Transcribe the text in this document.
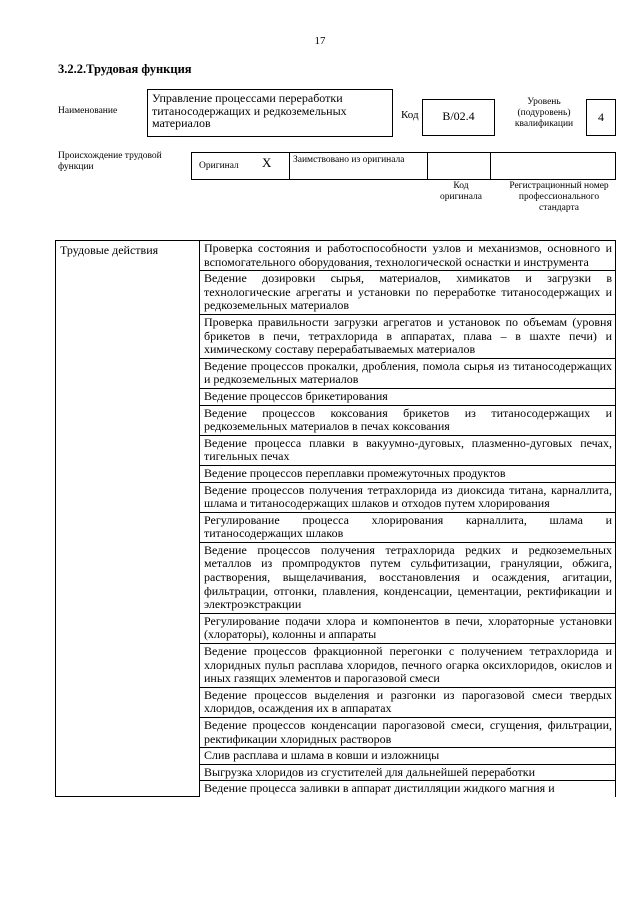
17
3.2.2.Трудовая функция
Наименование
Управление процессами переработки титаносодержащих и редкоземельных материалов
Код	B/02.4
Уровень (подуровень) квалификации	4
Происхождение трудовой функции	Оригинал X	Заимствовано из оригинала
Код оригинала
Регистрационный номер профессионального стандарта
Трудовые действия	Проверка состояния и работоспособности узлов и механизмов, основного и вспомогательного оборудования, технологической оснастки и инструмента
Ведение дозировки сырья, материалов, химикатов и загрузки в технологические агрегаты и установки по переработке титаносодержащих и редкоземельных материалов
Проверка правильности загрузки агрегатов и установок по объемам (уровня брикетов в печи, тетрахлорида в аппаратах, плава – в шахте печи) и химическому составу перерабатываемых материалов
Ведение процессов прокалки, дробления, помола сырья из титаносодержащих и редкоземельных материалов
Ведение процессов брикетирования
Ведение процессов коксования брикетов из титаносодержащих и редкоземельных материалов в печах коксования
Ведение процесса плавки в вакуумно-дуговых, плазменно-дуговых печах, тигельных печах
Ведение процессов переплавки промежуточных продуктов
Ведение процессов получения тетрахлорида из диоксида титана, карналлита, шлама и титаносодержащих шлаков и отходов путем хлорирования
Регулирование процесса хлорирования карналлита, шлама и титаносодержащих шлаков
Ведение процессов получения тетрахлорида редких и редкоземельных металлов из промпродуктов путем сульфитизации, грануляции, обжига, растворения, выщелачивания, восстановления и осаждения, агитации, фильтрации, отгонки, плавления, конденсации, цементации, ректификации и электроэкстракции
Регулирование подачи хлора и компонентов в печи, хлораторные установки (хлораторы), колонны и аппараты
Ведение процессов фракционной перегонки с получением тетрахлорида и хлоридных пульп расплава хлоридов, печного огарка оксихлоридов, окислов и иных газящих элементов и парогазовой смеси
Ведение процессов выделения и разгонки из парогазовой смеси твердых хлоридов, осаждения их в аппаратах
Ведение процессов конденсации парогазовой смеси, сгущения, фильтрации, ректификации хлоридных растворов
Слив расплава и шлама в ковши и изложницы
Выгрузка хлоридов из сгустителей для дальнейшей переработки
Ведение процесса заливки в аппарат дистилляции жидкого магния и
